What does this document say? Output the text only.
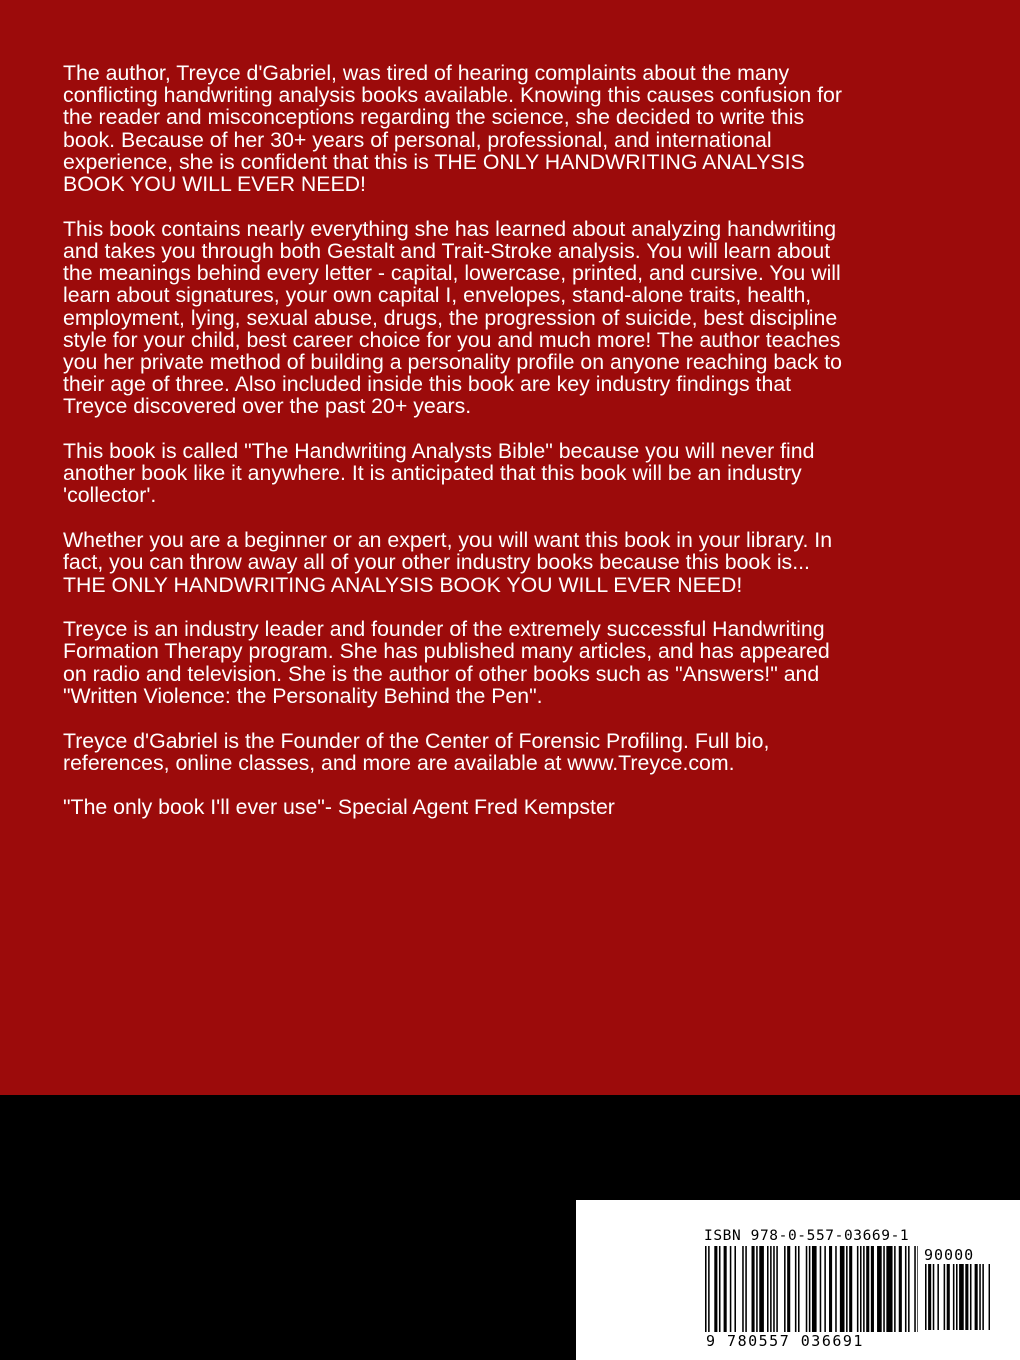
The author, Treyce d'Gabriel, was tired of hearing complaints about the many
conflicting handwriting analysis books available. Knowing this causes confusion for
the reader and misconceptions regarding the science, she decided to write this
book. Because of her 30+ years of personal, professional, and international
experience, she is confident that this is THE ONLY HANDWRITING ANALYSIS
BOOK YOU WILL EVER NEED!

This book contains nearly everything she has learned about analyzing handwriting
and takes you through both Gestalt and Trait-Stroke analysis. You will learn about
the meanings behind every letter - capital, lowercase, printed, and cursive. You will
learn about signatures, your own capital I, envelopes, stand-alone traits, health,
employment, lying, sexual abuse, drugs, the progression of suicide, best discipline
style for your child, best career choice for you and much more! The author teaches
you her private method of building a personality profile on anyone reaching back to
their age of three. Also included inside this book are key industry findings that
Treyce discovered over the past 20+ years.

This book is called "The Handwriting Analysts Bible" because you will never find
another book like it anywhere. It is anticipated that this book will be an industry
'collector'.

Whether you are a beginner or an expert, you will want this book in your library. In
fact, you can throw away all of your other industry books because this book is...
THE ONLY HANDWRITING ANALYSIS BOOK YOU WILL EVER NEED!

Treyce is an industry leader and founder of the extremely successful Handwriting
Formation Therapy program. She has published many articles, and has appeared
on radio and television. She is the author of other books such as "Answers!" and
"Written Violence: the Personality Behind the Pen".

Treyce d'Gabriel is the Founder of the Center of Forensic Profiling. Full bio,
references, online classes, and more are available at www.Treyce.com.

"The only book I'll ever use"- Special Agent Fred Kempster

ISBN 978-0-557-03669-1
9 780557 036691
90000
